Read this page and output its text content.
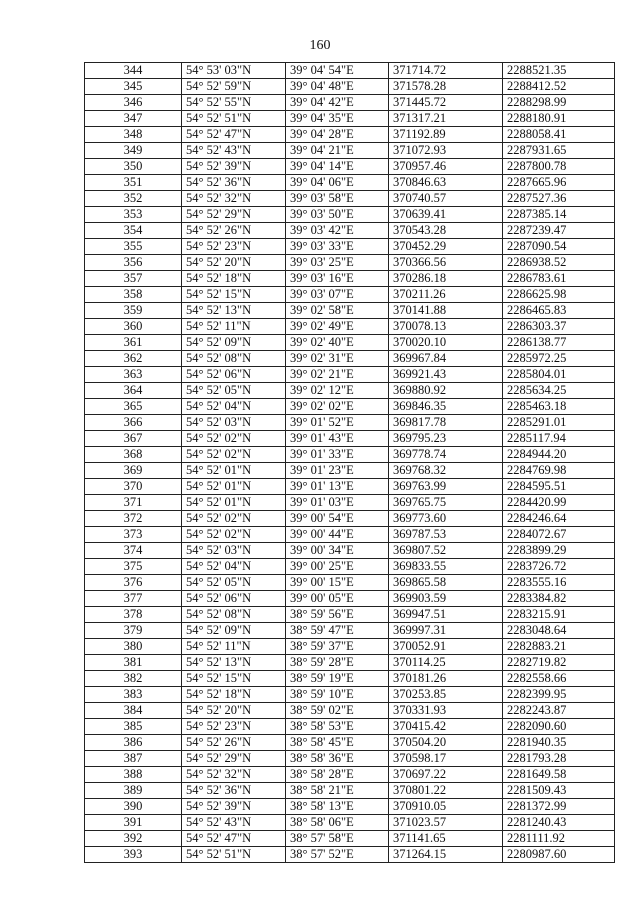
160
344	54° 53' 03"N	39° 04' 54"E	371714.72	2288521.35
345	54° 52' 59"N	39° 04' 48"E	371578.28	2288412.52
346	54° 52' 55"N	39° 04' 42"E	371445.72	2288298.99
347	54° 52' 51"N	39° 04' 35"E	371317.21	2288180.91
348	54° 52' 47"N	39° 04' 28"E	371192.89	2288058.41
349	54° 52' 43"N	39° 04' 21"E	371072.93	2287931.65
350	54° 52' 39"N	39° 04' 14"E	370957.46	2287800.78
351	54° 52' 36"N	39° 04' 06"E	370846.63	2287665.96
352	54° 52' 32"N	39° 03' 58"E	370740.57	2287527.36
353	54° 52' 29"N	39° 03' 50"E	370639.41	2287385.14
354	54° 52' 26"N	39° 03' 42"E	370543.28	2287239.47
355	54° 52' 23"N	39° 03' 33"E	370452.29	2287090.54
356	54° 52' 20"N	39° 03' 25"E	370366.56	2286938.52
357	54° 52' 18"N	39° 03' 16"E	370286.18	2286783.61
358	54° 52' 15"N	39° 03' 07"E	370211.26	2286625.98
359	54° 52' 13"N	39° 02' 58"E	370141.88	2286465.83
360	54° 52' 11"N	39° 02' 49"E	370078.13	2286303.37
361	54° 52' 09"N	39° 02' 40"E	370020.10	2286138.77
362	54° 52' 08"N	39° 02' 31"E	369967.84	2285972.25
363	54° 52' 06"N	39° 02' 21"E	369921.43	2285804.01
364	54° 52' 05"N	39° 02' 12"E	369880.92	2285634.25
365	54° 52' 04"N	39° 02' 02"E	369846.35	2285463.18
366	54° 52' 03"N	39° 01' 52"E	369817.78	2285291.01
367	54° 52' 02"N	39° 01' 43"E	369795.23	2285117.94
368	54° 52' 02"N	39° 01' 33"E	369778.74	2284944.20
369	54° 52' 01"N	39° 01' 23"E	369768.32	2284769.98
370	54° 52' 01"N	39° 01' 13"E	369763.99	2284595.51
371	54° 52' 01"N	39° 01' 03"E	369765.75	2284420.99
372	54° 52' 02"N	39° 00' 54"E	369773.60	2284246.64
373	54° 52' 02"N	39° 00' 44"E	369787.53	2284072.67
374	54° 52' 03"N	39° 00' 34"E	369807.52	2283899.29
375	54° 52' 04"N	39° 00' 25"E	369833.55	2283726.72
376	54° 52' 05"N	39° 00' 15"E	369865.58	2283555.16
377	54° 52' 06"N	39° 00' 05"E	369903.59	2283384.82
378	54° 52' 08"N	38° 59' 56"E	369947.51	2283215.91
379	54° 52' 09"N	38° 59' 47"E	369997.31	2283048.64
380	54° 52' 11"N	38° 59' 37"E	370052.91	2282883.21
381	54° 52' 13"N	38° 59' 28"E	370114.25	2282719.82
382	54° 52' 15"N	38° 59' 19"E	370181.26	2282558.66
383	54° 52' 18"N	38° 59' 10"E	370253.85	2282399.95
384	54° 52' 20"N	38° 59' 02"E	370331.93	2282243.87
385	54° 52' 23"N	38° 58' 53"E	370415.42	2282090.60
386	54° 52' 26"N	38° 58' 45"E	370504.20	2281940.35
387	54° 52' 29"N	38° 58' 36"E	370598.17	2281793.28
388	54° 52' 32"N	38° 58' 28"E	370697.22	2281649.58
389	54° 52' 36"N	38° 58' 21"E	370801.22	2281509.43
390	54° 52' 39"N	38° 58' 13"E	370910.05	2281372.99
391	54° 52' 43"N	38° 58' 06"E	371023.57	2281240.43
392	54° 52' 47"N	38° 57' 58"E	371141.65	2281111.92
393	54° 52' 51"N	38° 57' 52"E	371264.15	2280987.60
